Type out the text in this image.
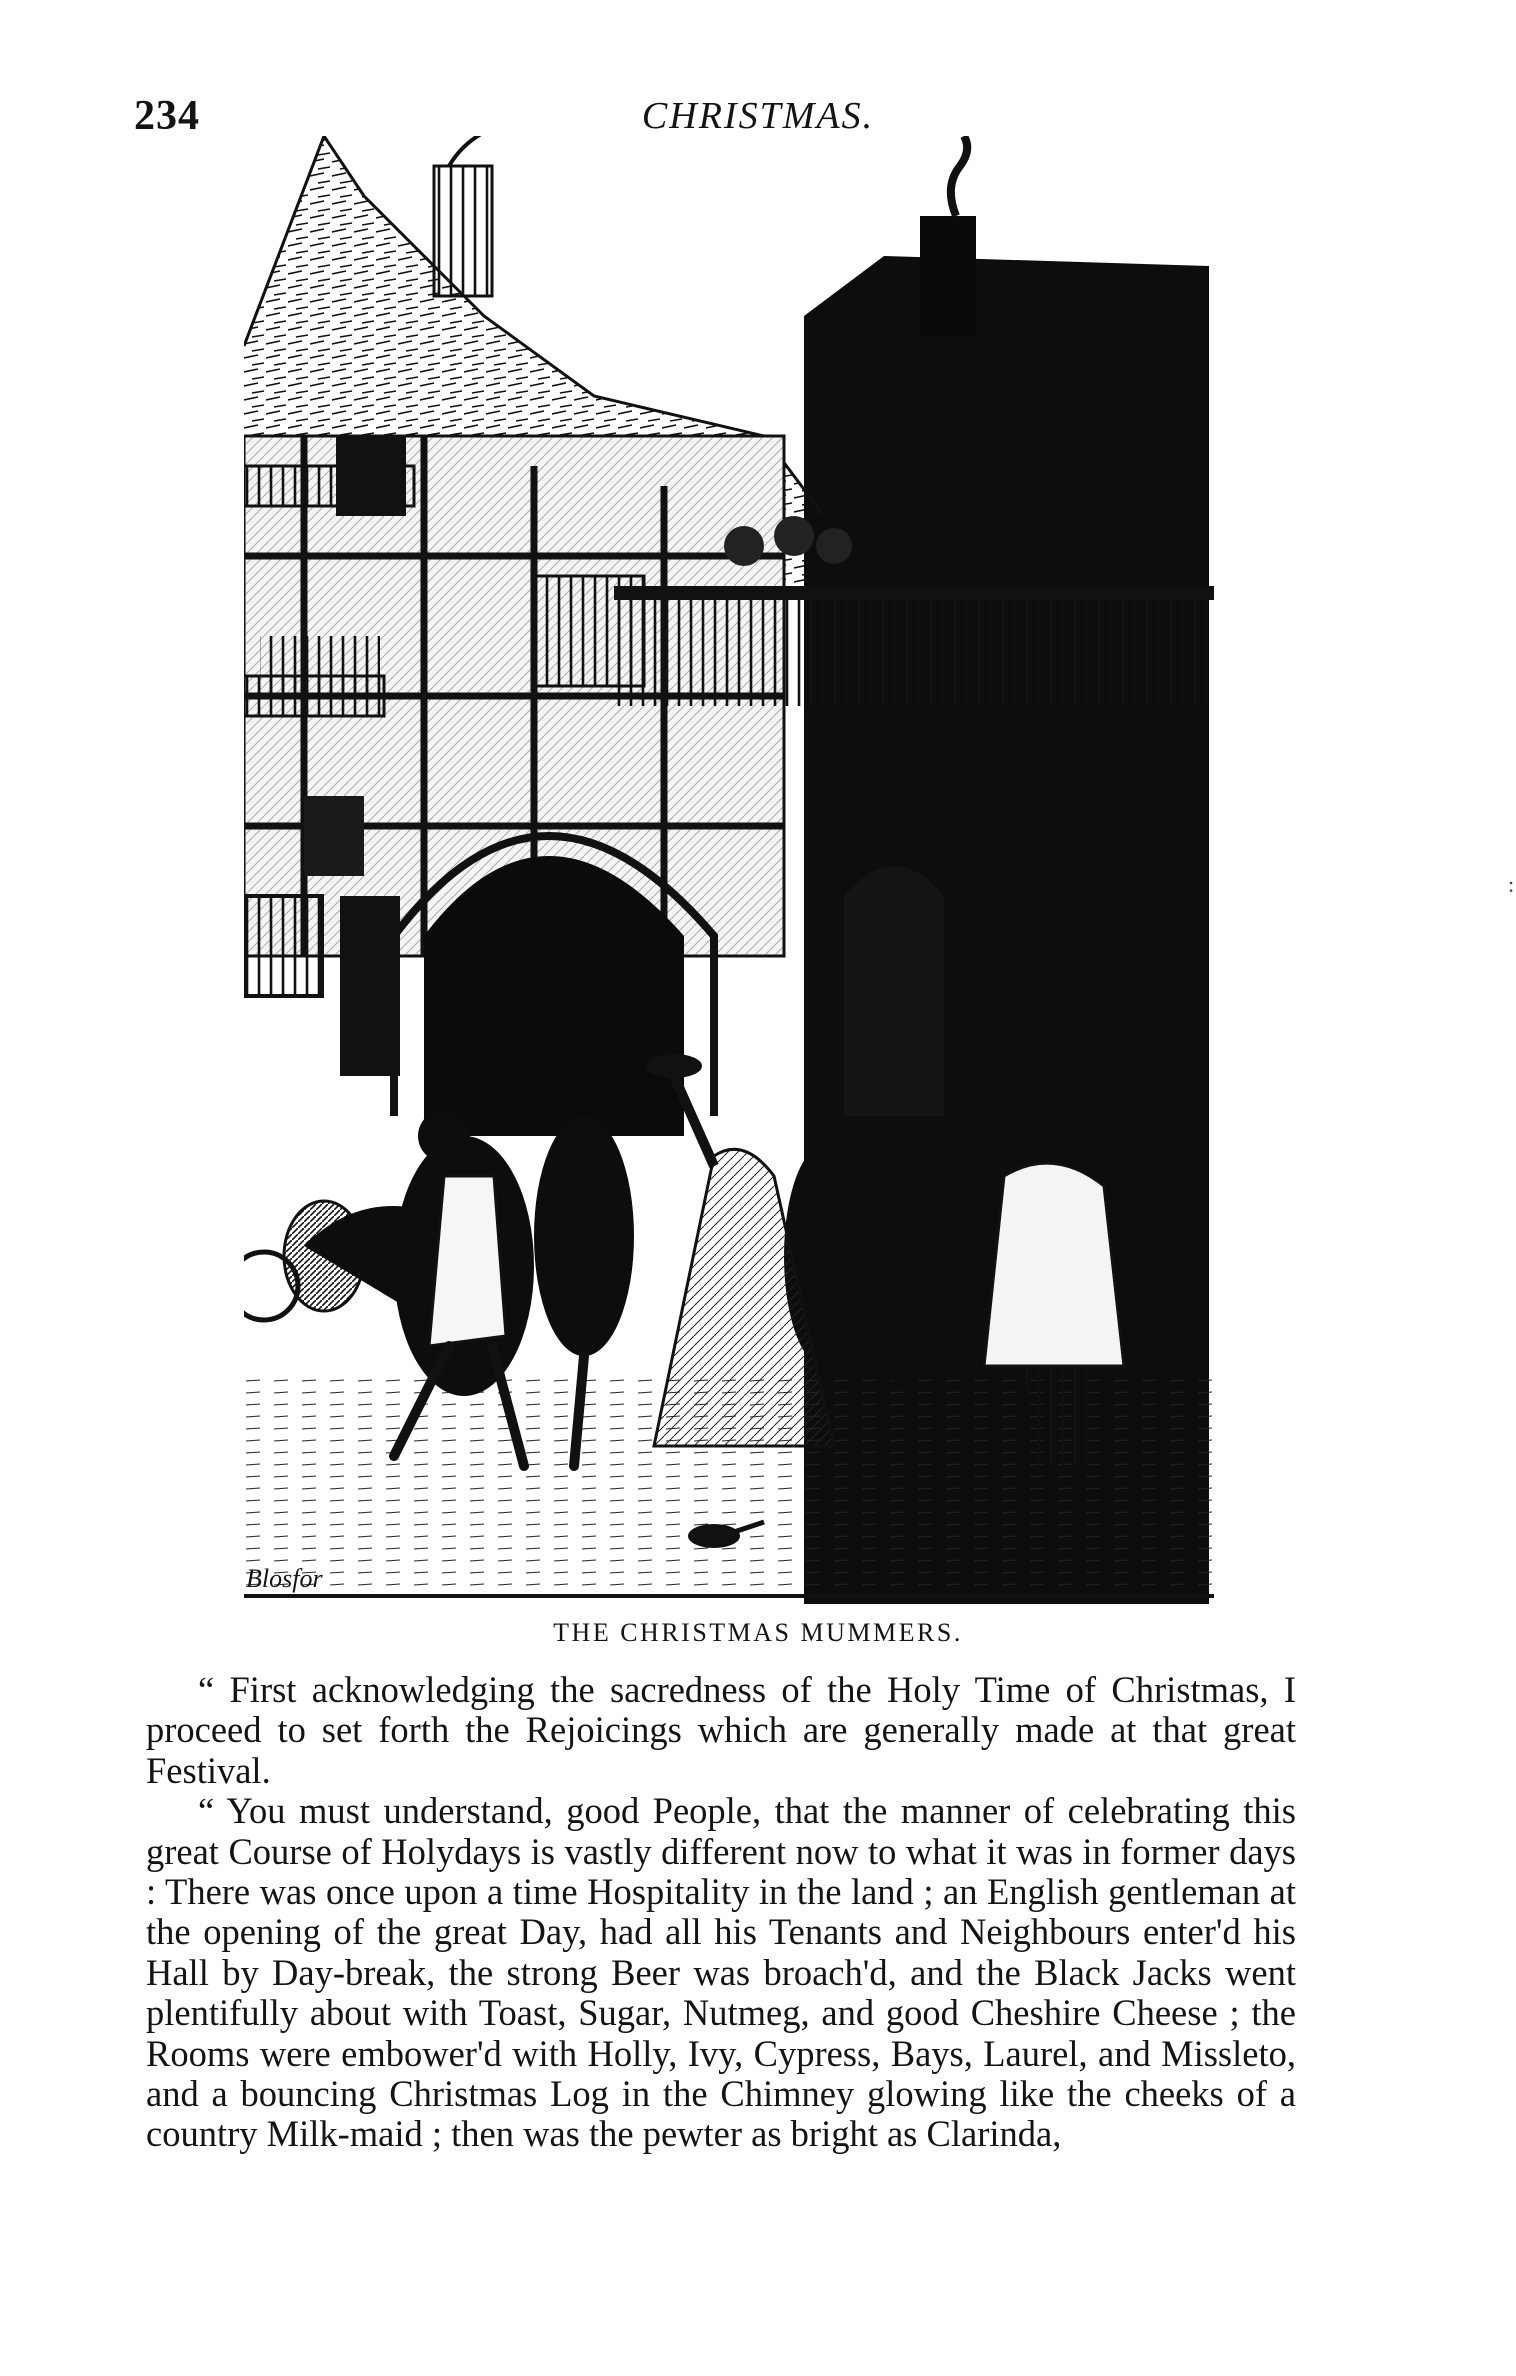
234	CHRISTMAS.
Blosfor
THE CHRISTMAS MUMMERS.

“ First acknowledging the sacredness of the Holy Time of Christmas, I proceed to set forth the Rejoicings which are generally made at that great Festival.

“ You must understand, good People, that the manner of celebrating this great Course of Holydays is vastly different now to what it was in former days : There was once upon a time Hospitality in the land ; an English gentleman at the opening of the great Day, had all his Tenants and Neighbours enter'd his Hall by Day-break, the strong Beer was broach'd, and the Black Jacks went plentifully about with Toast, Sugar, Nutmeg, and good Cheshire Cheese ; the Rooms were embower'd with Holly, Ivy, Cypress, Bays, Laurel, and Missleto, and a bouncing Christmas Log in the Chimney glowing like the cheeks of a country Milk-maid ; then was the pewter as bright as Clarinda,

:
